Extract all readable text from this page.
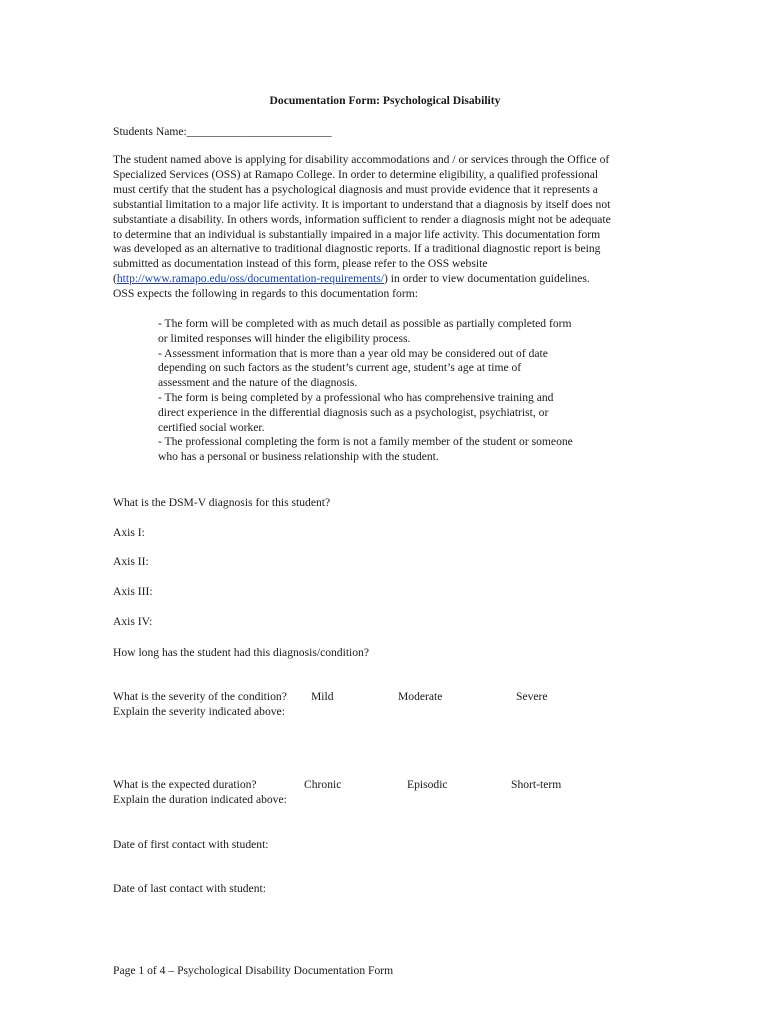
Documentation Form: Psychological Disability
Students Name:_________________________
The student named above is applying for disability accommodations and / or services through the Office of
Specialized Services (OSS) at Ramapo College. In order to determine eligibility, a qualified professional
must certify that the student has a psychological diagnosis and must provide evidence that it represents a
substantial limitation to a major life activity. It is important to understand that a diagnosis by itself does not
substantiate a disability. In others words, information sufficient to render a diagnosis might not be adequate
to determine that an individual is substantially impaired in a major life activity. This documentation form
was developed as an alternative to traditional diagnostic reports. If a traditional diagnostic report is being
submitted as documentation instead of this form, please refer to the OSS website
(http://www.ramapo.edu/oss/documentation-requirements/) in order to view documentation guidelines.
OSS expects the following in regards to this documentation form:
- The form will be completed with as much detail as possible as partially completed form
or limited responses will hinder the eligibility process.
- Assessment information that is more than a year old may be considered out of date
depending on such factors as the student’s current age, student’s age at time of
assessment and the nature of the diagnosis.
- The form is being completed by a professional who has comprehensive training and
direct experience in the differential diagnosis such as a psychologist, psychiatrist, or
certified social worker.
- The professional completing the form is not a family member of the student or someone
who has a personal or business relationship with the student.
What is the DSM-V diagnosis for this student?
Axis I:
Axis II:
Axis III:
Axis IV:
How long has the student had this diagnosis/condition?
What is the severity of the condition? Mild	Moderate	Severe
Explain the severity indicated above:
What is the expected duration?	Chronic	Episodic	Short-term
Explain the duration indicated above:
Date of first contact with student:
Date of last contact with student:
Page 1 of 4 – Psychological Disability Documentation Form
